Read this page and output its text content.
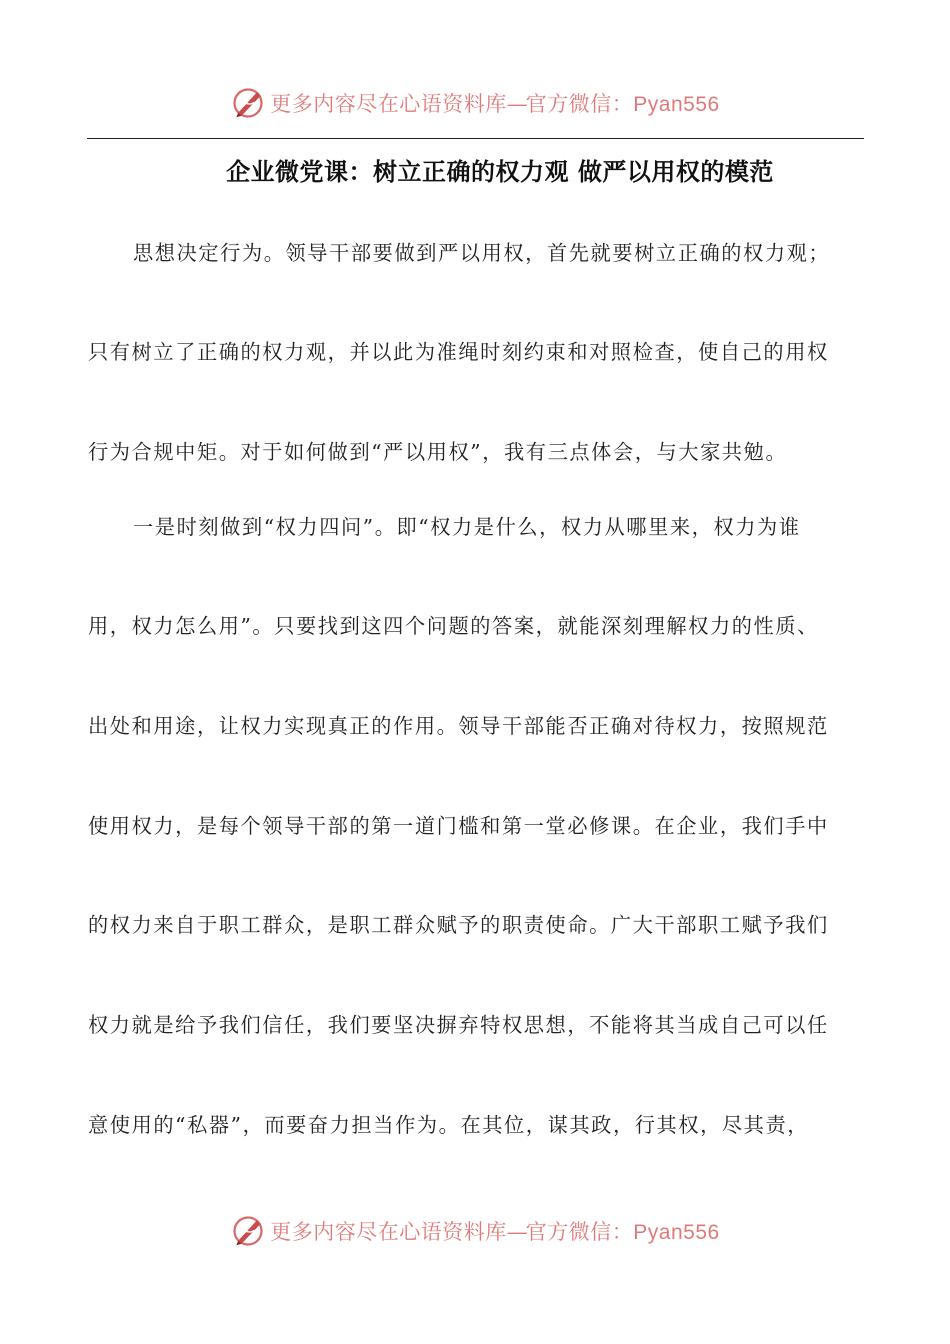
更多内容尽在心语资料库—官方微信：Pyan556
企业微党课：树立正确的权力观 做严以用权的模范
思想决定行为。领导干部要做到严以用权，首先就要树立正确的权力观；
只有树立了正确的权力观，并以此为准绳时刻约束和对照检查，使自己的用权
行为合规中矩。对于如何做到“严以用权”，我有三点体会，与大家共勉。
一是时刻做到“权力四问”。即“权力是什么，权力从哪里来，权力为谁
用，权力怎么用”。只要找到这四个问题的答案，就能深刻理解权力的性质、
出处和用途，让权力实现真正的作用。领导干部能否正确对待权力，按照规范
使用权力，是每个领导干部的第一道门槛和第一堂必修课。在企业，我们手中
的权力来自于职工群众，是职工群众赋予的职责使命。广大干部职工赋予我们
权力就是给予我们信任，我们要坚决摒弃特权思想，不能将其当成自己可以任
意使用的“私器”，而要奋力担当作为。在其位，谋其政，行其权，尽其责，
更多内容尽在心语资料库—官方微信：Pyan556
